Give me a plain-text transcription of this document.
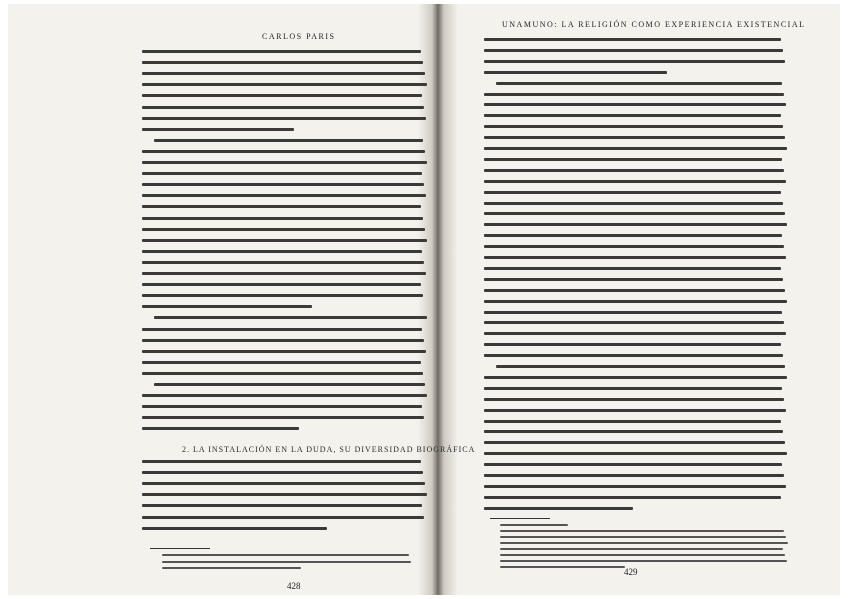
CARLOS PARIS
2. LA INSTALACIÓN EN LA DUDA, SU DIVERSIDAD BIOGRÁFICA
428
UNAMUNO: LA RELIGIÓN COMO EXPERIENCIA EXISTENCIAL
429
